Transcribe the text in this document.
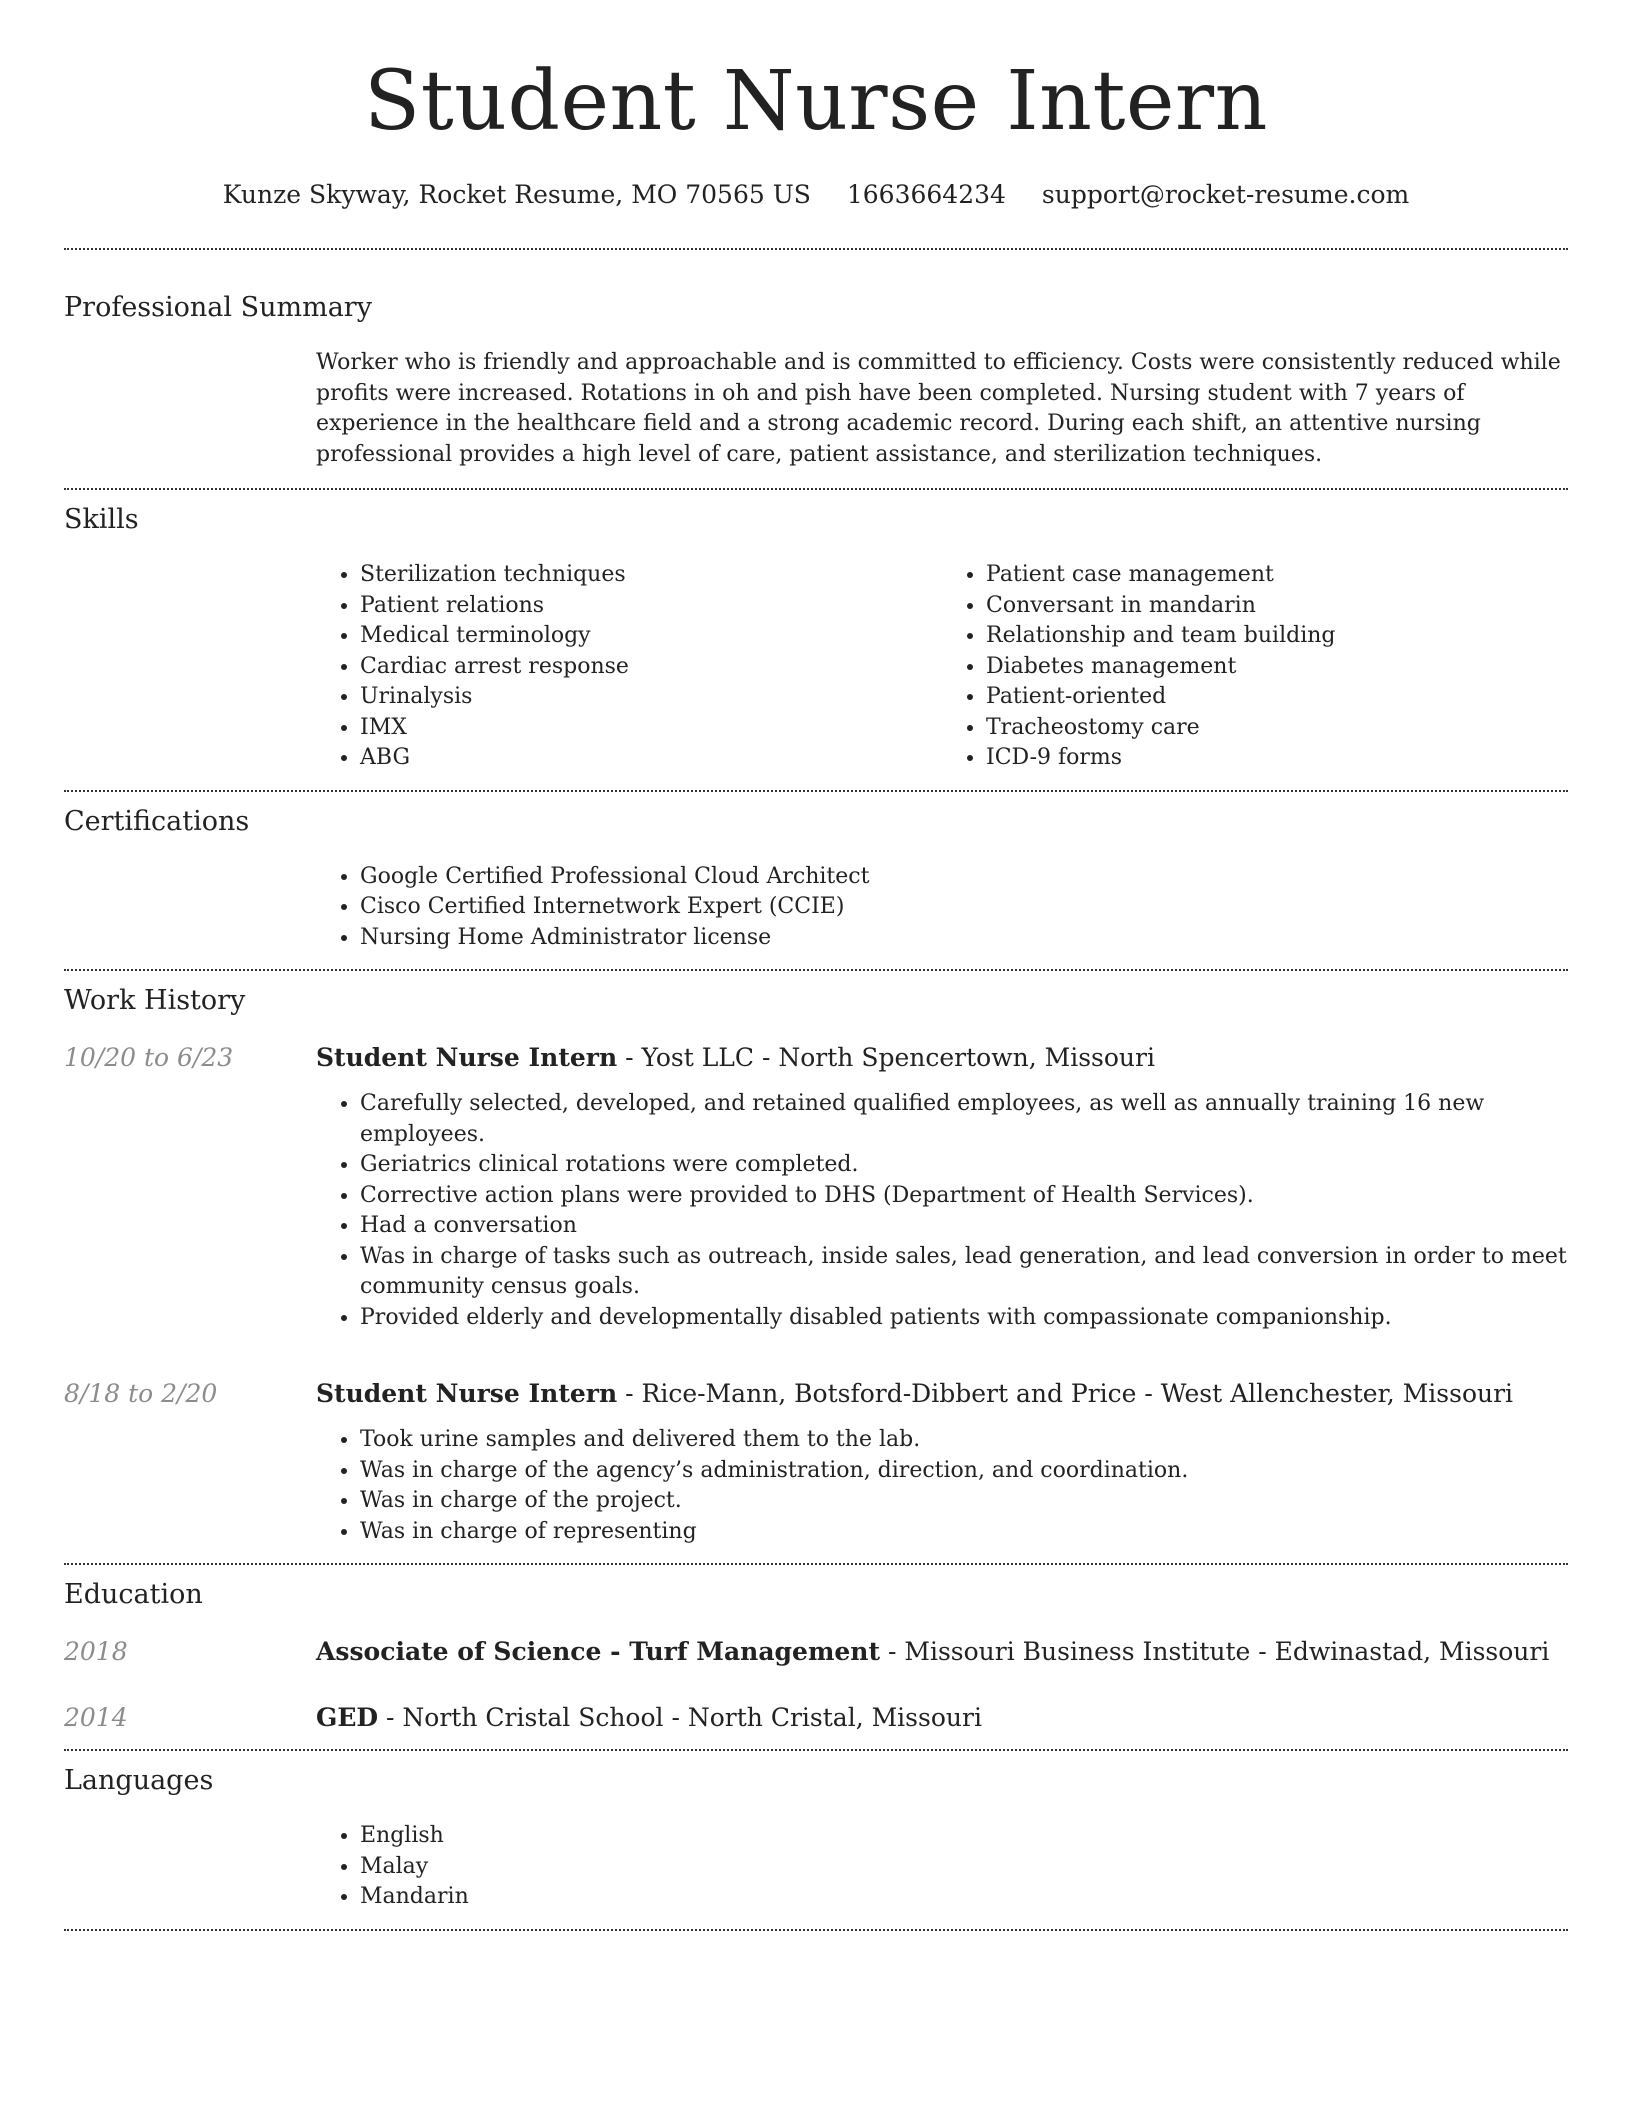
Student Nurse Intern
Kunze Skyway, Rocket Resume, MO 70565 US 1663664234 support@rocket-resume.com
Professional Summary
Worker who is friendly and approachable and is committed to efficiency. Costs were consistently reduced while profits were increased. Rotations in oh and pish have been completed. Nursing student with 7 years of experience in the healthcare field and a strong academic record. During each shift, an attentive nursing professional provides a high level of care, patient assistance, and sterilization techniques.
Skills
• Sterilization techniques
• Patient relations
• Medical terminology
• Cardiac arrest response
• Urinalysis
• IMX
• ABG
• Patient case management
• Conversant in mandarin
• Relationship and team building
• Diabetes management
• Patient-oriented
• Tracheostomy care
• ICD-9 forms
Certifications
• Google Certified Professional Cloud Architect
• Cisco Certified Internetwork Expert (CCIE)
• Nursing Home Administrator license
Work History
10/20 to 6/23	Student Nurse Intern - Yost LLC - North Spencertown, Missouri
• Carefully selected, developed, and retained qualified employees, as well as annually training 16 new employees.
• Geriatrics clinical rotations were completed.
• Corrective action plans were provided to DHS (Department of Health Services).
• Had a conversation
• Was in charge of tasks such as outreach, inside sales, lead generation, and lead conversion in order to meet community census goals.
• Provided elderly and developmentally disabled patients with compassionate companionship.
8/18 to 2/20	Student Nurse Intern - Rice-Mann, Botsford-Dibbert and Price - West Allenchester, Missouri
• Took urine samples and delivered them to the lab.
• Was in charge of the agency’s administration, direction, and coordination.
• Was in charge of the project.
• Was in charge of representing
Education
2018	Associate of Science - Turf Management - Missouri Business Institute - Edwinastad, Missouri
2014	GED - North Cristal School - North Cristal, Missouri
Languages
• English
• Malay
• Mandarin
